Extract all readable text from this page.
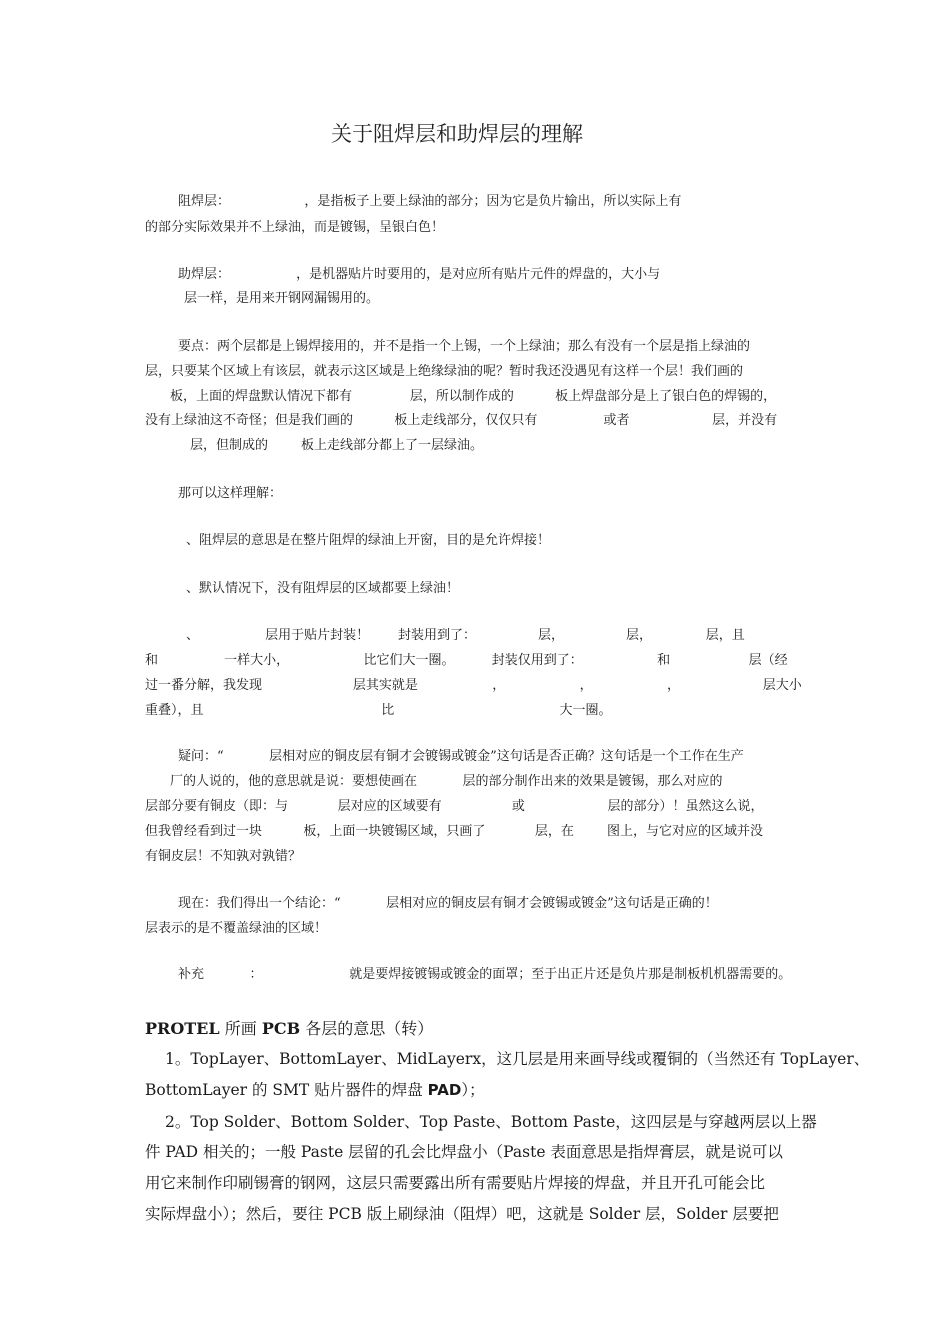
关于阻焊层和助焊层的理解
阻焊层：                  ，是指板子上要上绿油的部分；因为它是负片输出，所以实际上有
的部分实际效果并不上绿油，而是镀锡，呈银白色！
助焊层：                ，是机器贴片时要用的，是对应所有贴片元件的焊盘的，大小与
层一样，是用来开钢网漏锡用的。
要点：两个层都是上锡焊接用的，并不是指一个上锡，一个上绿油；那么有没有一个层是指上绿油的
层，只要某个区域上有该层，就表示这区域是上绝缘绿油的呢？暂时我还没遇见有这样一个层！我们画的
板，上面的焊盘默认情况下都有              层，所以制作成的          板上焊盘部分是上了银白色的焊锡的，
没有上绿油这不奇怪；但是我们画的          板上走线部分，仅仅只有                或者                    层，并没有
层，但制成的        板上走线部分都上了一层绿油。
那可以这样理解：
、阻焊层的意思是在整片阻焊的绿油上开窗，目的是允许焊接！
、默认情况下，没有阻焊层的区域都要上绿油！
、                层用于贴片封装！       封装用到了：               层，               层，             层，且
和                一样大小，                  比它们大一圈。         封装仅用到了：                  和                   层（经
过一番分解，我发现                      层其实就是                  ，                  ，                  ，                    层大小
重叠），且                                           比                                        大一圈。
疑问：“           层相对应的铜皮层有铜才会镀锡或镀金”这句话是否正确？这句话是一个工作在生产
厂的人说的，他的意思就是说：要想使画在           层的部分制作出来的效果是镀锡，那么对应的
层部分要有铜皮（即：与            层对应的区域要有                 或                    层的部分）！虽然这么说，
但我曾经看到过一块          板，上面一块镀锡区域，只画了            层，在        图上，与它对应的区域并没
有铜皮层！不知孰对孰错？
现在：我们得出一个结论：“           层相对应的铜皮层有铜才会镀锡或镀金”这句话是正确的！
层表示的是不覆盖绿油的区域！
补充           ：                     就是要焊接镀锡或镀金的面罩；至于出正片还是负片那是制板机机器需要的。
PROTEL 所画 PCB 各层的意思（转）
1。TopLayer、BottomLayer、MidLayerx，这几层是用来画导线或覆铜的（当然还有 TopLayer、
BottomLayer 的 SMT 贴片器件的焊盘 PAD）；
2。Top Solder、Bottom Solder、Top Paste、Bottom Paste，这四层是与穿越两层以上器
件 PAD 相关的；一般 Paste 层留的孔会比焊盘小（Paste 表面意思是指焊膏层，就是说可以
用它来制作印刷锡膏的钢网，这层只需要露出所有需要贴片焊接的焊盘，并且开孔可能会比
实际焊盘小）；然后，要往 PCB 版上刷绿油（阻焊）吧，这就是 Solder 层，Solder 层要把
